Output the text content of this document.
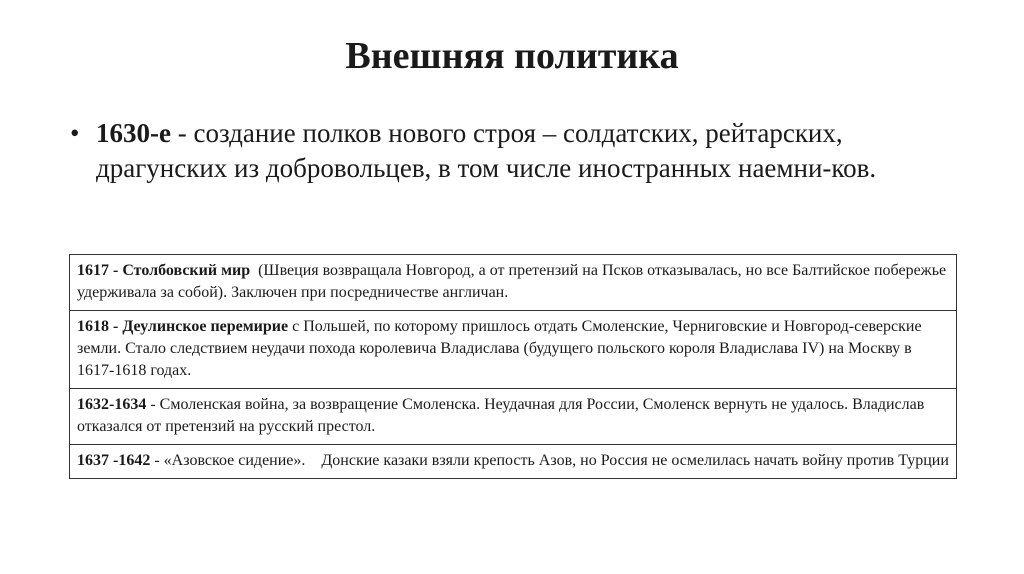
Внешняя политика
• 1630-е - создание полков нового строя – солдатских, рейтарских, драгунских из добровольцев, в том числе иностранных наемни-ков.
1617 - Столбовский мир  (Швеция возвращала Новгород, а от претензий на Псков отказывалась, но все Балтийское побережье удерживала за собой). Заключен при посредничестве англичан.
1618 - Деулинское перемирие с Польшей, по которому пришлось отдать Смоленские, Черниговские и Новгород-северские земли. Стало следствием неудачи похода королевича Владислава (будущего польского короля Владислава IV) на Москву в 1617-1618 годах.
1632-1634 - Смоленская война, за возвращение Смоленска. Неудачная для России, Смоленск вернуть не удалось. Владислав отказался от претензий на русский престол.
1637 -1642 - «Азовское сидение».    Донские казаки взяли крепость Азов, но Россия не осмелилась начать войну против Турции
